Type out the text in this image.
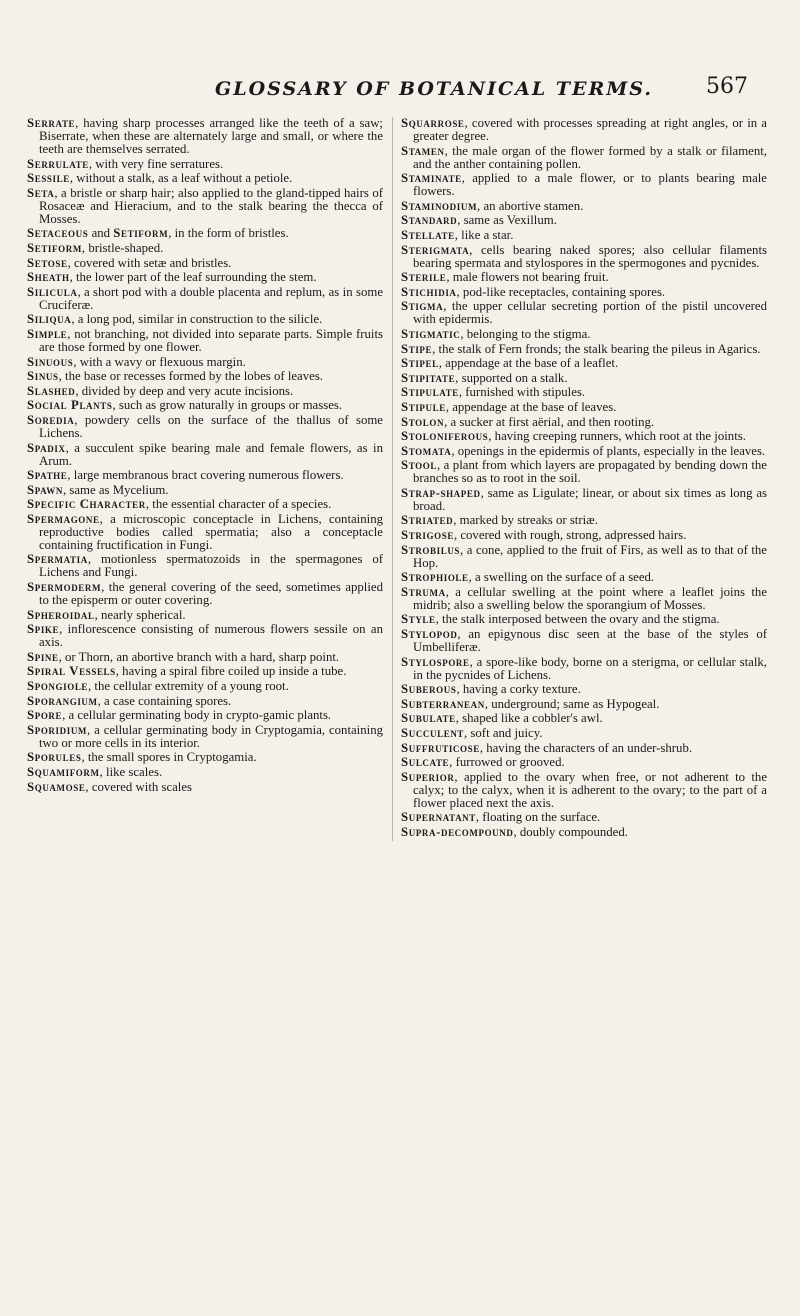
GLOSSARY OF BOTANICAL TERMS. 567

Serrate, having sharp processes arranged like the teeth of a saw; Biserrate, when these are alternately large and small, or where the teeth are themselves serrated.

Serrulate, with very fine serratures.

Sessile, without a stalk, as a leaf without a petiole.

Seta, a bristle or sharp hair; also applied to the gland-tipped hairs of Rosaceæ and Hieracium, and to the stalk bearing the thecca of Mosses.

Setaceous and Setiform, in the form of bristles.

Setiform, bristle-shaped.

Setose, covered with setæ and bristles.

Sheath, the lower part of the leaf surrounding the stem.

Silicula, a short pod with a double placenta and replum, as in some Cruciferæ.

Siliqua, a long pod, similar in construction to the silicle.

Simple, not branching, not divided into separate parts. Simple fruits are those formed by one flower.

Sinuous, with a wavy or flexuous margin.

Sinus, the base or recesses formed by the lobes of leaves.

Slashed, divided by deep and very acute incisions.

Social Plants, such as grow naturally in groups or masses.

Soredia, powdery cells on the surface of the thallus of some Lichens.

Spadix, a succulent spike bearing male and female flowers, as in Arum.

Spathe, large membranous bract covering numerous flowers.

Spawn, same as Mycelium.

Specific Character, the essential character of a species.

Spermagone, a microscopic conceptacle in Lichens, containing reproductive bodies called spermatia; also a conceptacle containing fructification in Fungi.

Spermatia, motionless spermatozoids in the spermagones of Lichens and Fungi.

Spermoderm, the general covering of the seed, sometimes applied to the episperm or outer covering.

Spheroidal, nearly spherical.

Spike, inflorescence consisting of numerous flowers sessile on an axis.

Spine, or Thorn, an abortive branch with a hard, sharp point.

Spiral Vessels, having a spiral fibre coiled up inside a tube.

Spongiole, the cellular extremity of a young root.

Sporangium, a case containing spores.

Spore, a cellular germinating body in crypto-gamic plants.

Sporidium, a cellular germinating body in Cryptogamia, containing two or more cells in its interior.

Sporules, the small spores in Cryptogamia.

Squamiform, like scales.

Squamose, covered with scales

Squarrose, covered with processes spreading at right angles, or in a greater degree.

Stamen, the male organ of the flower formed by a stalk or filament, and the anther containing pollen.

Staminate, applied to a male flower, or to plants bearing male flowers.

Staminodium, an abortive stamen.

Standard, same as Vexillum.

Stellate, like a star.

Sterigmata, cells bearing naked spores; also cellular filaments bearing spermata and stylospores in the spermogones and pycnides.

Sterile, male flowers not bearing fruit.

Stichidia, pod-like receptacles, containing spores.

Stigma, the upper cellular secreting portion of the pistil uncovered with epidermis.

Stigmatic, belonging to the stigma.

Stipe, the stalk of Fern fronds; the stalk bearing the pileus in Agarics.

Stipel, appendage at the base of a leaflet.

Stipitate, supported on a stalk.

Stipulate, furnished with stipules.

Stipule, appendage at the base of leaves.

Stolon, a sucker at first aërial, and then rooting.

Stoloniferous, having creeping runners, which root at the joints.

Stomata, openings in the epidermis of plants, especially in the leaves.

Stool, a plant from which layers are propagated by bending down the branches so as to root in the soil.

Strap-shaped, same as Ligulate; linear, or about six times as long as broad.

Striated, marked by streaks or striæ.

Strigose, covered with rough, strong, adpressed hairs.

Strobilus, a cone, applied to the fruit of Firs, as well as to that of the Hop.

Strophiole, a swelling on the surface of a seed.

Struma, a cellular swelling at the point where a leaflet joins the midrib; also a swelling below the sporangium of Mosses.

Style, the stalk interposed between the ovary and the stigma.

Stylopod, an epigynous disc seen at the base of the styles of Umbelliferæ.

Stylospore, a spore-like body, borne on a sterigma, or cellular stalk, in the pycnides of Lichens.

Suberous, having a corky texture.

Subterranean, underground; same as Hypogeal.

Subulate, shaped like a cobbler's awl.

Succulent, soft and juicy.

Suffruticose, having the characters of an under-shrub.

Sulcate, furrowed or grooved.

Superior, applied to the ovary when free, or not adherent to the calyx; to the calyx, when it is adherent to the ovary; to the part of a flower placed next the axis.

Supernatant, floating on the surface.

Supra-decompound, doubly compounded.
